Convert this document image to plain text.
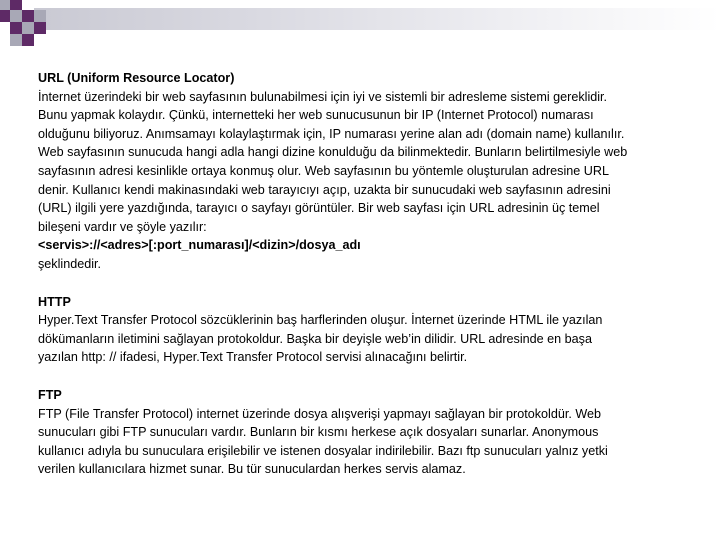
URL (Uniform Resource Locator)

İnternet üzerindeki bir web sayfasının bulunabilmesi için iyi ve sistemli bir adresleme sistemi gereklidir.
Bunu yapmak kolaydır. Çünkü, internetteki her web sunucusunun bir IP (Internet Protocol) numarası
olduğunu biliyoruz. Anımsamayı kolaylaştırmak için, IP numarası yerine alan adı (domain name) kullanılır.
Web sayfasının sunucuda hangi adla hangi dizine konulduğu da bilinmektedir. Bunların belirtilmesiyle web
sayfasının adresi kesinlikle ortaya konmuş olur. Web sayfasının bu yöntemle oluşturulan adresine URL
denir. Kullanıcı kendi makinasındaki web tarayıcıyı açıp, uzakta bir sunucudaki web sayfasının adresini
(URL) ilgili yere yazdığında, tarayıcı o sayfayı görüntüler. Bir web sayfası için URL adresinin üç temel
bileşeni vardır ve şöyle yazılır:
<servis>://<adres>[:port_numarası]/<dizin>/dosya_adı
şeklindedir.

HTTP

Hyper.Text Transfer Protocol sözcüklerinin baş harflerinden oluşur. İnternet üzerinde HTML ile yazılan
dökümanların iletimini sağlayan protokoldur. Başka bir deyişle web’in dilidir. URL adresinde en başa
yazılan http: // ifadesi, Hyper.Text Transfer Protocol servisi alınacağını belirtir.

FTP

FTP (File Transfer Protocol) internet üzerinde dosya alışverişi yapmayı sağlayan bir protokoldür. Web
sunucuları gibi FTP sunucuları vardır. Bunların bir kısmı herkese açık dosyaları sunarlar. Anonymous
kullanıcı adıyla bu sunuculara erişilebilir ve istenen dosyalar indirilebilir. Bazı ftp sunucuları yalnız yetki
verilen kullanıcılara hizmet sunar. Bu tür sunuculardan herkes servis alamaz.
